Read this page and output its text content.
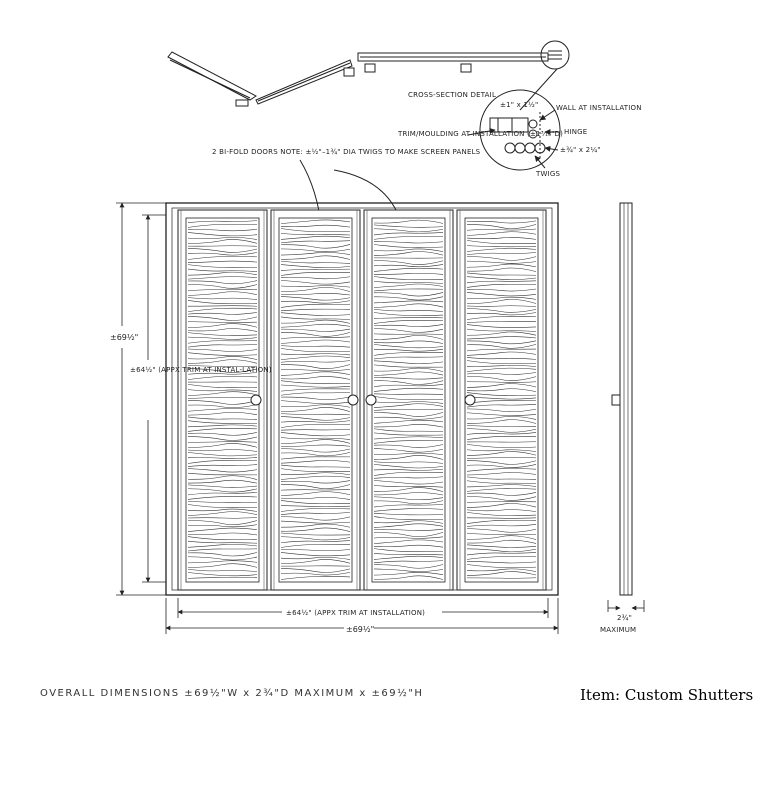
CROSS-SECTION DETAIL
±1" x 1½"	WALL AT INSTALLATION
HINGE
TRIM/MOULDING AT INSTALLATION (±1³⁄₁₆"D)
±¾" x 2¼"
TWIGS
2 BI-FOLD DOORS NOTE: ±½"–1¾" DIA TWIGS TO MAKE SCREEN PANELS
±69½"
±64½" (APPX TRIM AT INSTAL-LATION)
±64½" (APPX TRIM AT INSTALLATION)
±69½"
2¾"
MAXIMUM
OVERALL DIMENSIONS ±69½"W x 2¾"D MAXIMUM x ±69½"H	Item: Custom Shutters
